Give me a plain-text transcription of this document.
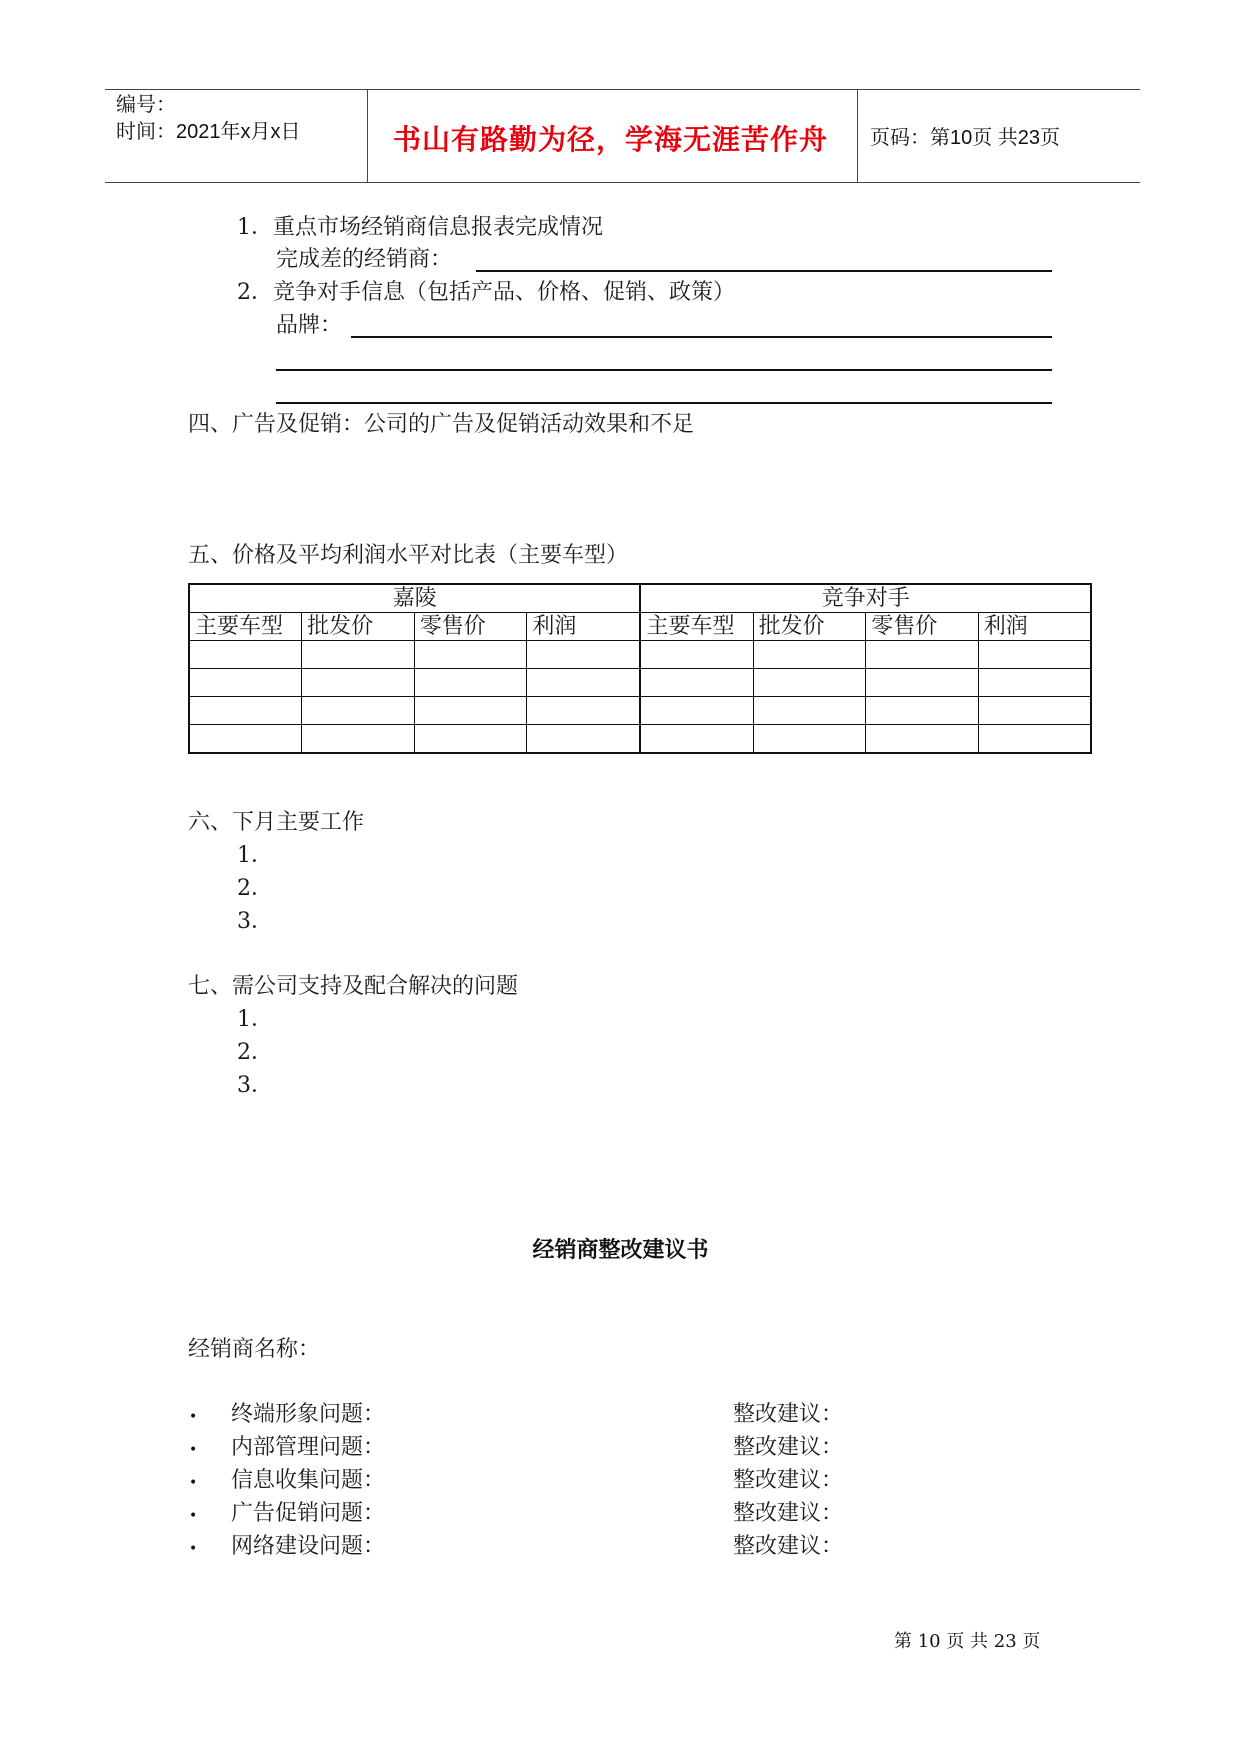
编号：
时间：2021年x月x日	书山有路勤为径，学海无涯苦作舟 页码：第10页 共23页
1．重点市场经销商信息报表完成情况
完成差的经销商：
2．竞争对手信息（包括产品、价格、促销、政策）
品牌：
四、广告及促销：公司的广告及促销活动效果和不足
五、价格及平均利润水平对比表（主要车型）
嘉陵				竞争对手			
主要车型	批发价	零售价	利润	主要车型	批发价	零售价	利润

六、下月主要工作
1．
2．
3．
七、需公司支持及配合解决的问题
1．
2．
3．
经销商整改建议书
经销商名称：
• 终端形象问题：	整改建议：
• 内部管理问题：	整改建议：
• 信息收集问题：	整改建议：
• 广告促销问题：	整改建议：
• 网络建设问题：	整改建议：
第 10 页 共 23 页
